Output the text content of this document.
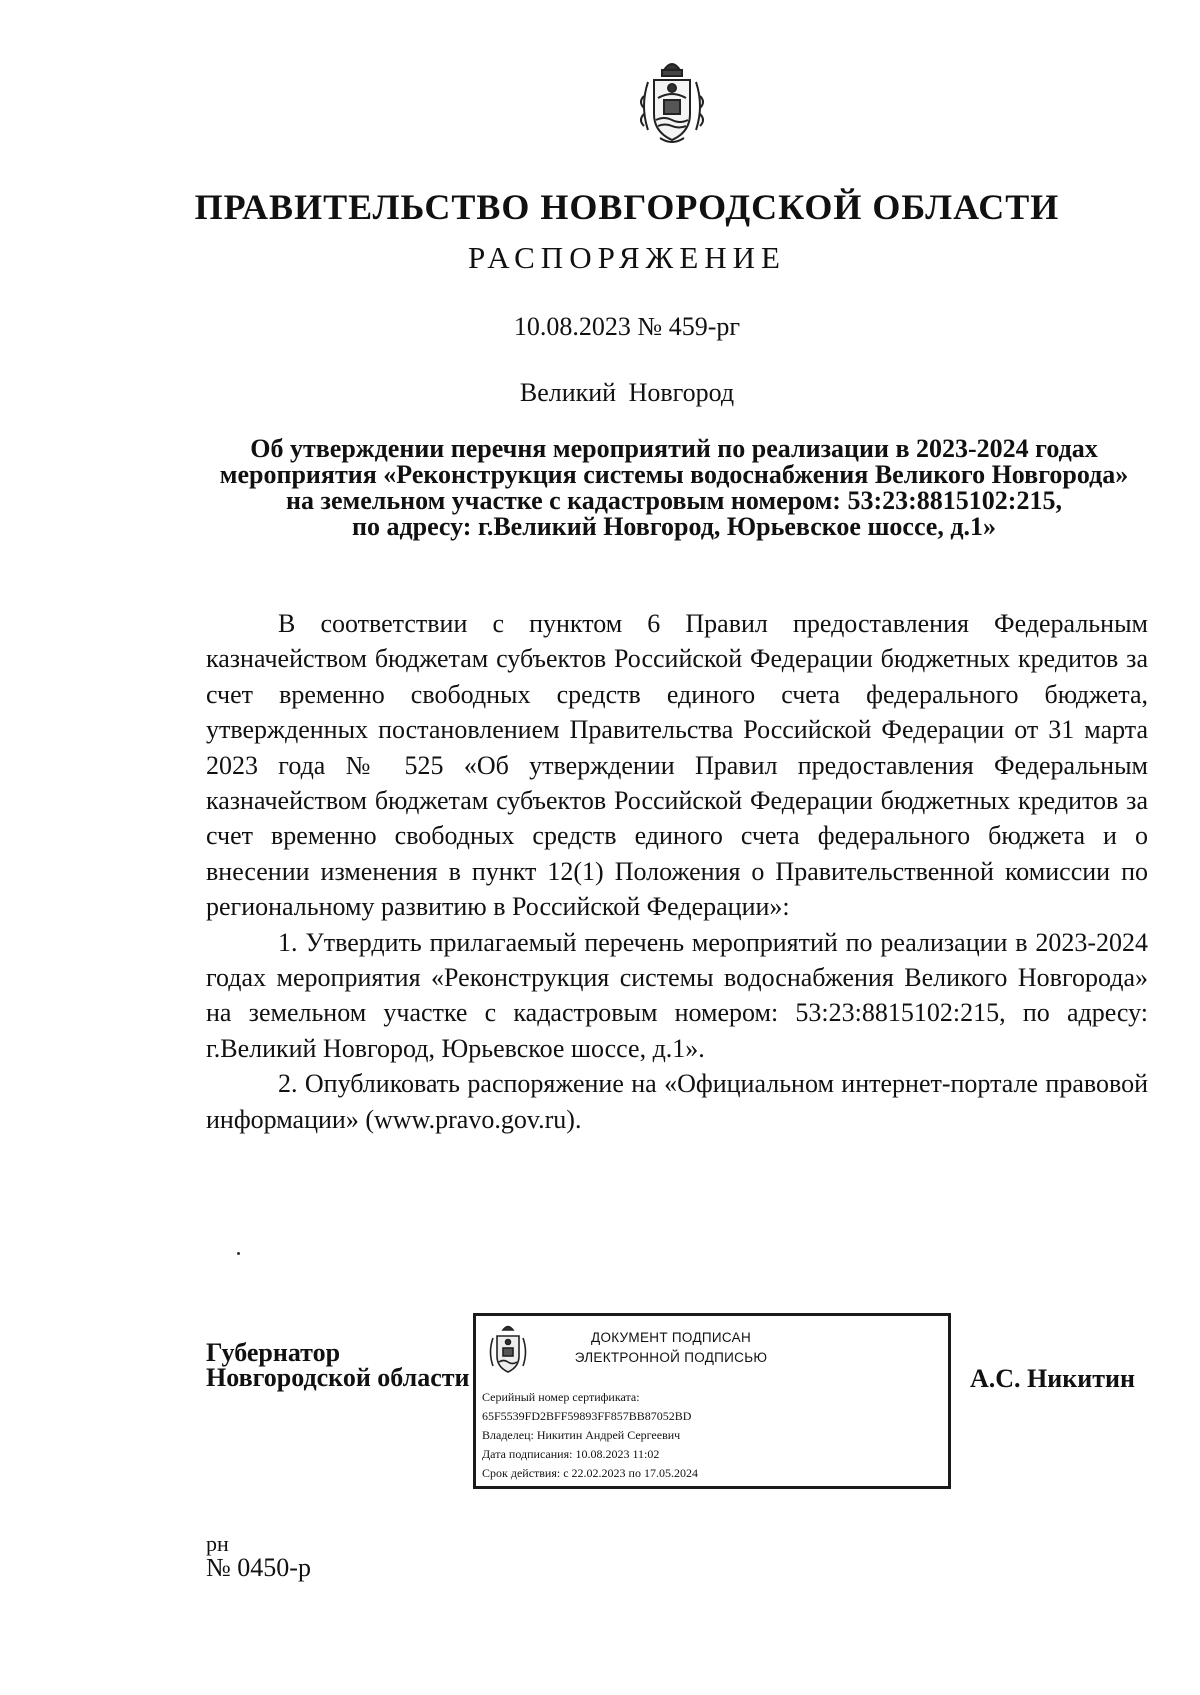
ПРАВИТЕЛЬСТВО НОВГОРОДСКОЙ ОБЛАСТИ
РАСПОРЯЖЕНИЕ
10.08.2023 № 459-рг
Великий Новгород
Об утверждении перечня мероприятий по реализации в 2023-2024 годах
мероприятия «Реконструкция системы водоснабжения Великого Новгорода»
на земельном участке с кадастровым номером: 53:23:8815102:215,
по адресу: г.Великий Новгород, Юрьевское шоссе, д.1»

В соответствии с пунктом 6 Правил предоставления Федеральным казначейством бюджетам субъектов Российской Федерации бюджетных кредитов за счет временно свободных средств единого счета федерального бюджета, утвержденных постановлением Правительства Российской Федерации от 31 марта 2023 года № 525 «Об утверждении Правил предоставления Федеральным казначейством бюджетам субъектов Российской Федерации бюджетных кредитов за счет временно свободных средств единого счета федерального бюджета и о внесении изменения в пункт 12(1) Положения о Правительственной комиссии по региональному развитию в Российской Федерации»:

1. Утвердить прилагаемый перечень мероприятий по реализации в 2023-2024 годах мероприятия «Реконструкция системы водоснабжения Великого Новгорода» на земельном участке с кадастровым номером: 53:23:8815102:215, по адресу: г.Великий Новгород, Юрьевское шоссе, д.1».

2. Опубликовать распоряжение на «Официальном интернет-портале правовой информации» (www.pravo.gov.ru).

Губернатор
Новгородской области
ДОКУМЕНТ ПОДПИСАН
ЭЛЕКТРОННОЙ ПОДПИСЬЮ
Серийный номер сертификата:
65F5539FD2BFF59893FF857BB87052BD
Владелец: Никитин Андрей Сергеевич
Дата подписания: 10.08.2023 11:02
Срок действия: с 22.02.2023 по 17.05.2024
А.С. Никитин
рн
№ 0450-р
